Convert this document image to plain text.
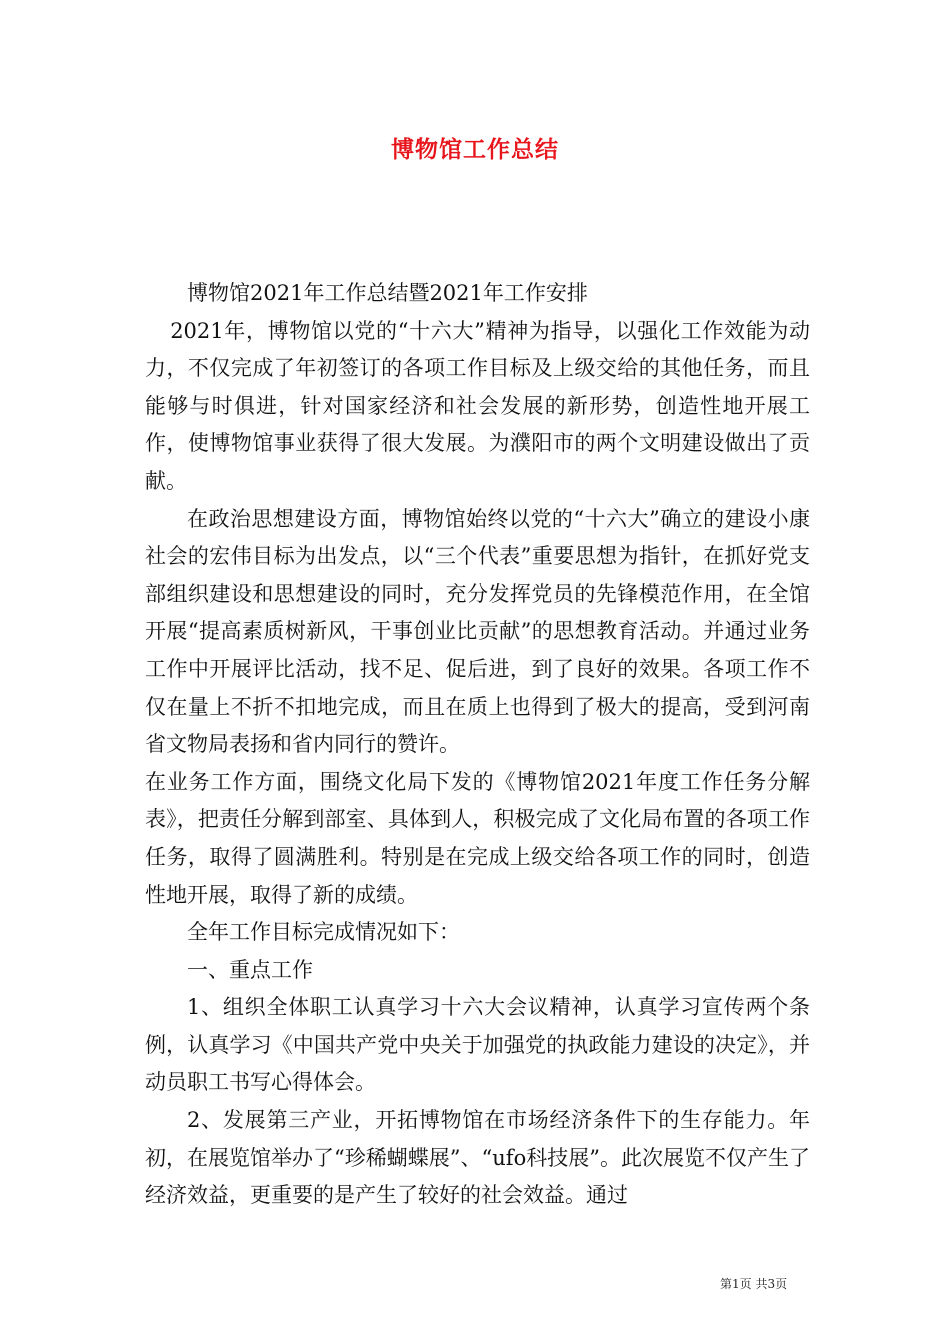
博物馆工作总结

博物馆2021年工作总结暨2021年工作安排

2021年，博物馆以党的“十六大”精神为指导，以强化工作效能为动力，不仅完成了年初签订的各项工作目标及上级交给的其他任务，而且能够与时俱进，针对国家经济和社会发展的新形势，创造性地开展工作，使博物馆事业获得了很大发展。为濮阳市的两个文明建设做出了贡献。

在政治思想建设方面，博物馆始终以党的“十六大”确立的建设小康社会的宏伟目标为出发点，以“三个代表”重要思想为指针，在抓好党支部组织建设和思想建设的同时，充分发挥党员的先锋模范作用，在全馆开展“提高素质树新风，干事创业比贡献”的思想教育活动。并通过业务工作中开展评比活动，找不足、促后进，到了良好的效果。各项工作不仅在量上不折不扣地完成，而且在质上也得到了极大的提高，受到河南省文物局表扬和省内同行的赞许。

在业务工作方面，围绕文化局下发的《博物馆2021年度工作任务分解表》，把责任分解到部室、具体到人，积极完成了文化局布置的各项工作任务，取得了圆满胜利。特别是在完成上级交给各项工作的同时，创造性地开展，取得了新的成绩。

全年工作目标完成情况如下：

一、重点工作

1、组织全体职工认真学习十六大会议精神，认真学习宣传两个条例，认真学习《中国共产党中央关于加强党的执政能力建设的决定》，并动员职工书写心得体会。

2、发展第三产业，开拓博物馆在市场经济条件下的生存能力。年初，在展览馆举办了“珍稀蝴蝶展”、“ufo科技展”。此次展览不仅产生了经济效益，更重要的是产生了较好的社会效益。通过

第1页 共3页
